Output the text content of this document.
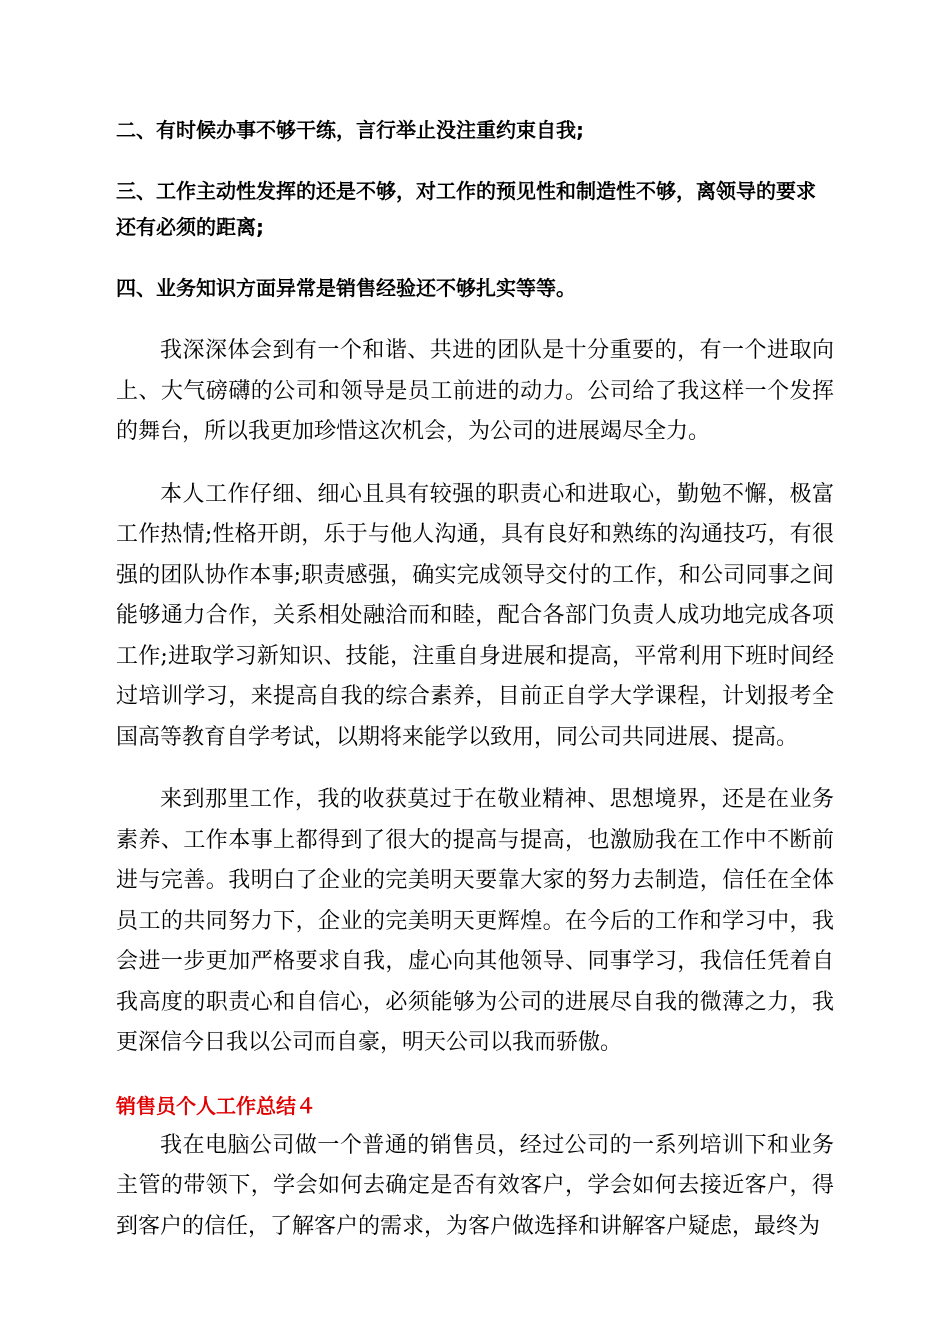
二、有时候办事不够干练，言行举止没注重约束自我;

三、工作主动性发挥的还是不够，对工作的预见性和制造性不够，离领导的要求还有必须的距离;

四、业务知识方面异常是销售经验还不够扎实等等。

我深深体会到有一个和谐、共进的团队是十分重要的，有一个进取向上、大气磅礴的公司和领导是员工前进的动力。公司给了我这样一个发挥的舞台，所以我更加珍惜这次机会，为公司的进展竭尽全力。

本人工作仔细、细心且具有较强的职责心和进取心，勤勉不懈，极富工作热情;性格开朗，乐于与他人沟通，具有良好和熟练的沟通技巧，有很强的团队协作本事;职责感强，确实完成领导交付的工作，和公司同事之间能够通力合作，关系相处融洽而和睦，配合各部门负责人成功地完成各项工作;进取学习新知识、技能，注重自身进展和提高，平常利用下班时间经过培训学习，来提高自我的综合素养，目前正自学大学课程，计划报考全国高等教育自学考试，以期将来能学以致用，同公司共同进展、提高。

来到那里工作，我的收获莫过于在敬业精神、思想境界，还是在业务素养、工作本事上都得到了很大的提高与提高，也激励我在工作中不断前进与完善。我明白了企业的完美明天要靠大家的努力去制造，信任在全体员工的共同努力下，企业的完美明天更辉煌。在今后的工作和学习中，我会进一步更加严格要求自我，虚心向其他领导、同事学习，我信任凭着自我高度的职责心和自信心，必须能够为公司的进展尽自我的微薄之力，我更深信今日我以公司而自豪，明天公司以我而骄傲。

销售员个人工作总结４

我在电脑公司做一个普通的销售员，经过公司的一系列培训下和业务主管的带领下，学会如何去确定是否有效客户，学会如何去接近客户，得到客户的信任，了解客户的需求，为客户做选择和讲解客户疑虑，最终为
